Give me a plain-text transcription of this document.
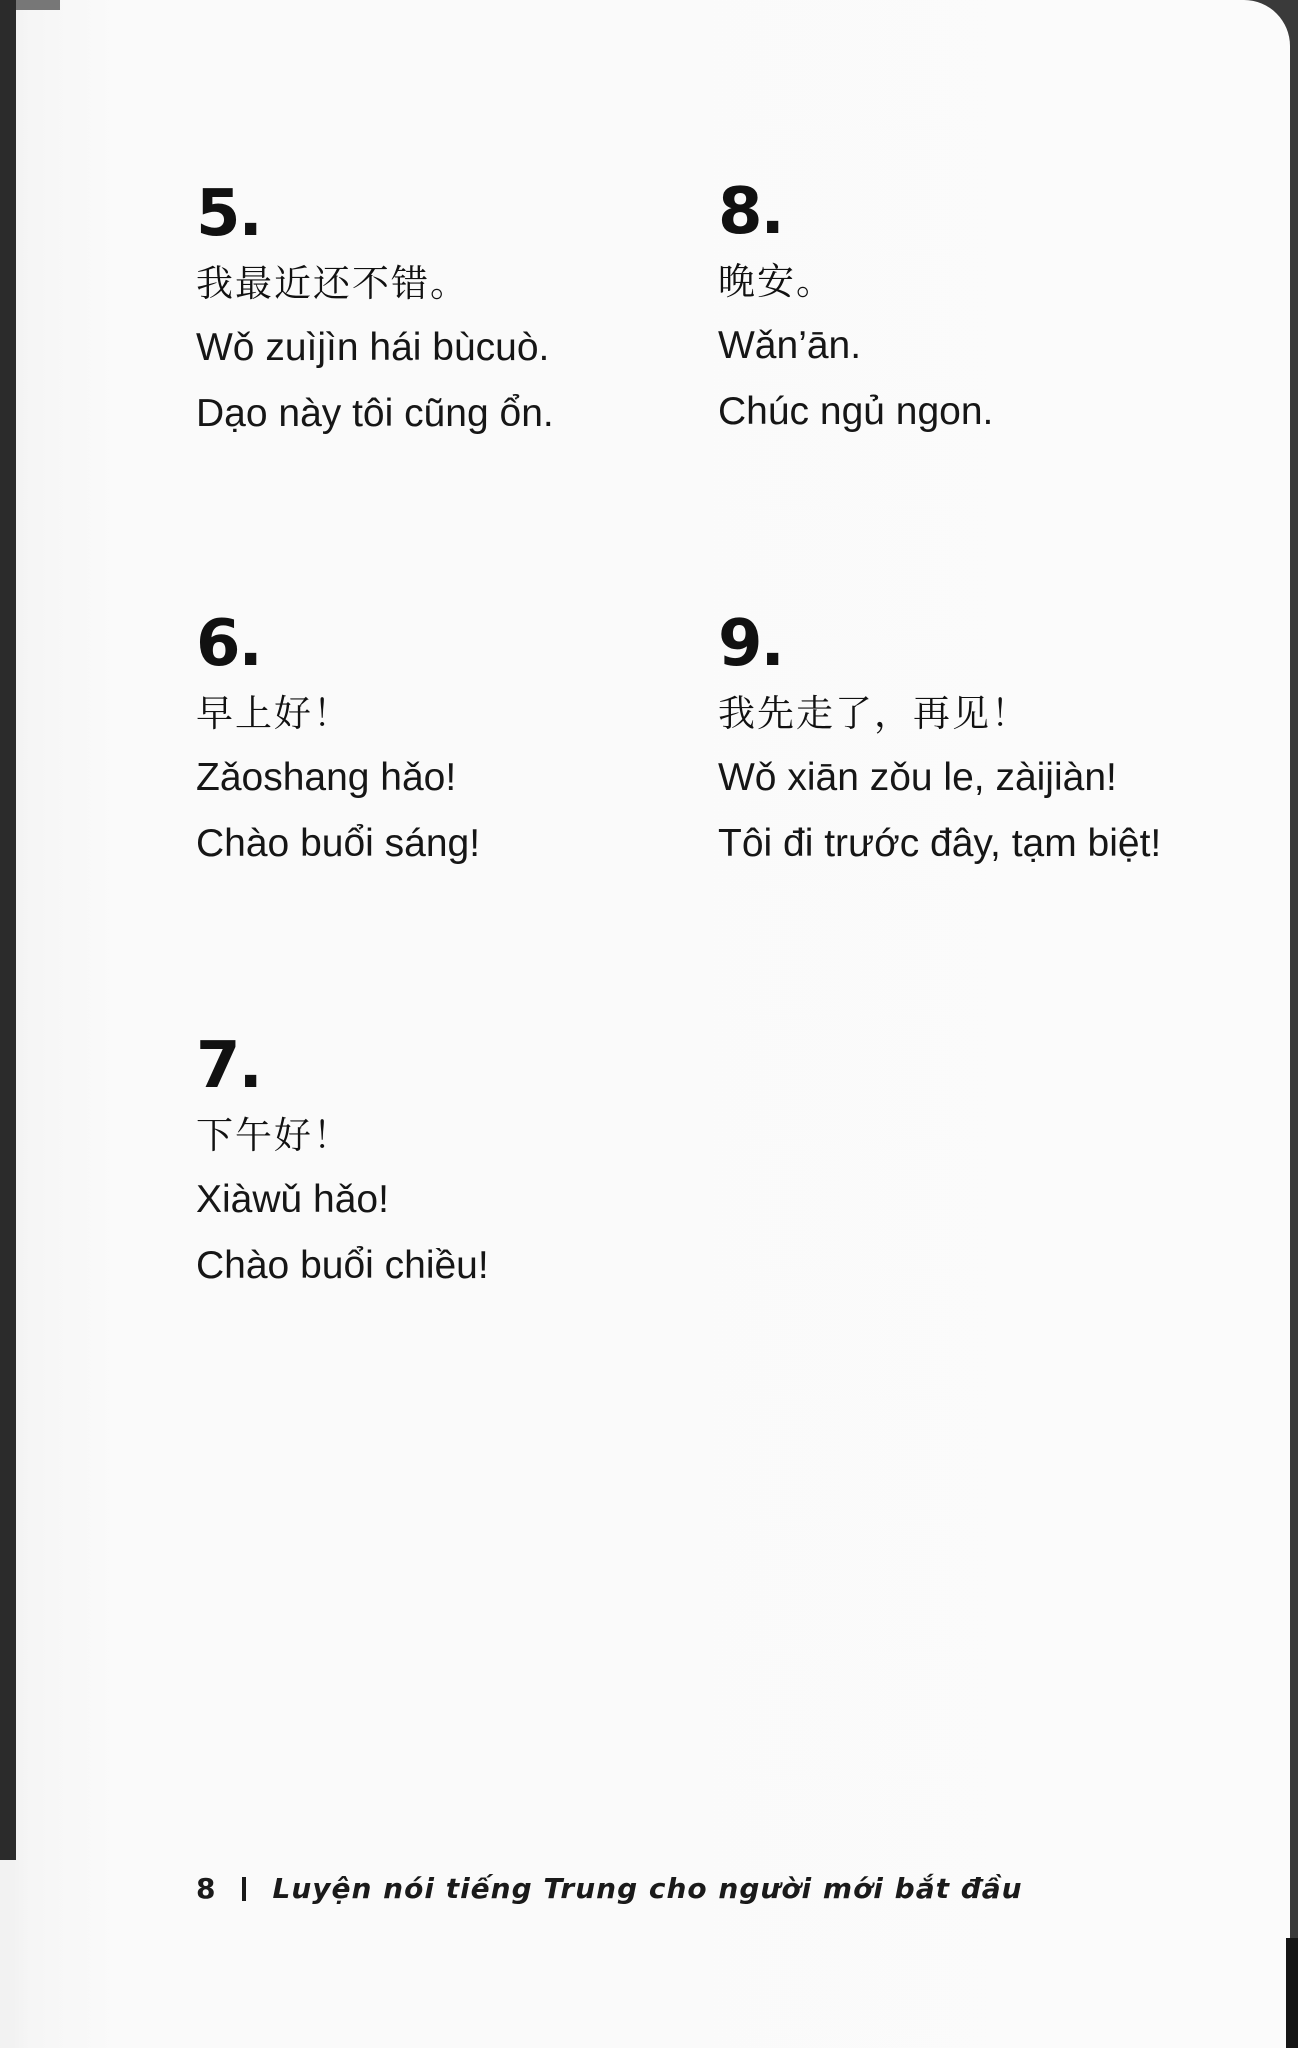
5.
我最近还不错。
Wǒ zuìjìn hái bùcuò.
Dạo này tôi cũng ổn.
8.
晚安。
Wǎn’ān.
Chúc ngủ ngon.
6.
早上好！
Zǎoshang hǎo!
Chào buổi sáng!
9.
我先走了，再见！
Wǒ xiān zǒu le, zàijiàn!
Tôi đi trước đây, tạm biệt!
7.
下午好！
Xiàwǔ hǎo!
Chào buổi chiều!
8 Luyện nói tiếng Trung cho người mới bắt đầu
